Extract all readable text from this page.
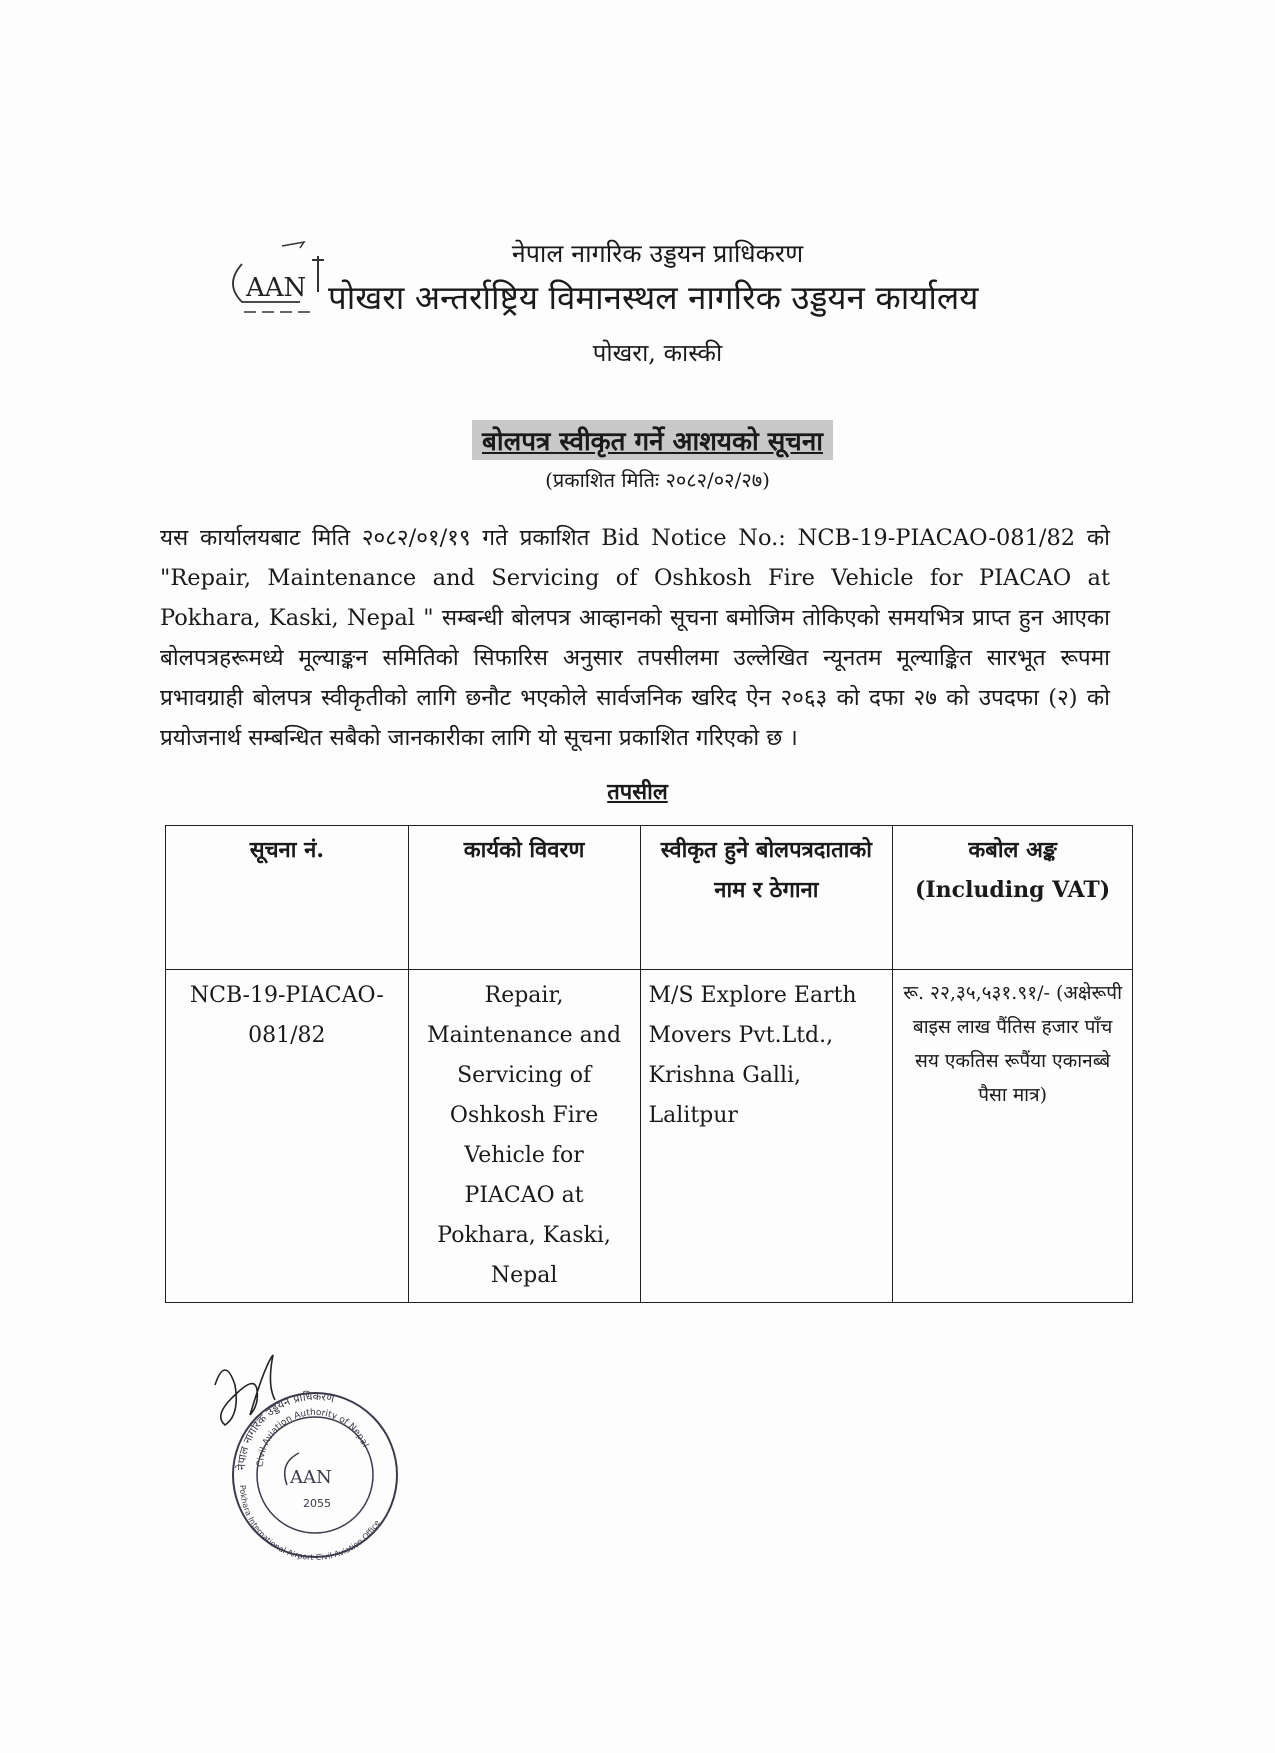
AAN
नेपाल नागरिक उड्डयन प्राधिकरण
पोखरा अन्तर्राष्ट्रिय विमानस्थल नागरिक उड्डयन कार्यालय
पोखरा, कास्की
बोलपत्र स्वीकृत गर्ने आशयको सूचना
(प्रकाशित मितिः २०८२/०२/२७)
यस कार्यालयबाट मिति २०८२/०१/१९ गते प्रकाशित Bid Notice No.: NCB-19-PIACAO-081/82 को "Repair, Maintenance and Servicing of Oshkosh Fire Vehicle for PIACAO at Pokhara, Kaski, Nepal " सम्बन्धी बोलपत्र आव्हानको सूचना बमोजिम तोकिएको समयभित्र प्राप्त हुन आएका बोलपत्रहरूमध्ये मूल्याङ्कन समितिको सिफारिस अनुसार तपसीलमा उल्लेखित न्यूनतम मूल्याङ्कित सारभूत रूपमा प्रभावग्राही बोलपत्र स्वीकृतीको लागि छनौट भएकोले सार्वजनिक खरिद ऐन २०६३ को दफा २७ को उपदफा (२) को प्रयोजनार्थ सम्बन्धित सबैको जानकारीका लागि यो सूचना प्रकाशित गरिएको छ ।
तपसील
सूचना नं.	कार्यको विवरण	स्वीकृत हुने बोलपत्रदाताको नाम र ठेगाना	कबोल अङ्क (Including VAT)
NCB-19-PIACAO-081/82	Repair, Maintenance and Servicing of Oshkosh Fire Vehicle for PIACAO at Pokhara, Kaski, Nepal	M/S Explore Earth Movers Pvt.Ltd., Krishna Galli, Lalitpur	रू. २२,३५,५३१.९१/- (अक्षेरूपी बाइस लाख पैंतिस हजार पाँच सय एकतिस रूपैंया एकानब्बे पैसा मात्र)
नेपाल नागरिक उड्डयन प्राधिकरण
Civil Aviation Authority of Nepal
Pokhara International Airport Civil Aviation Office
AAN
2055
